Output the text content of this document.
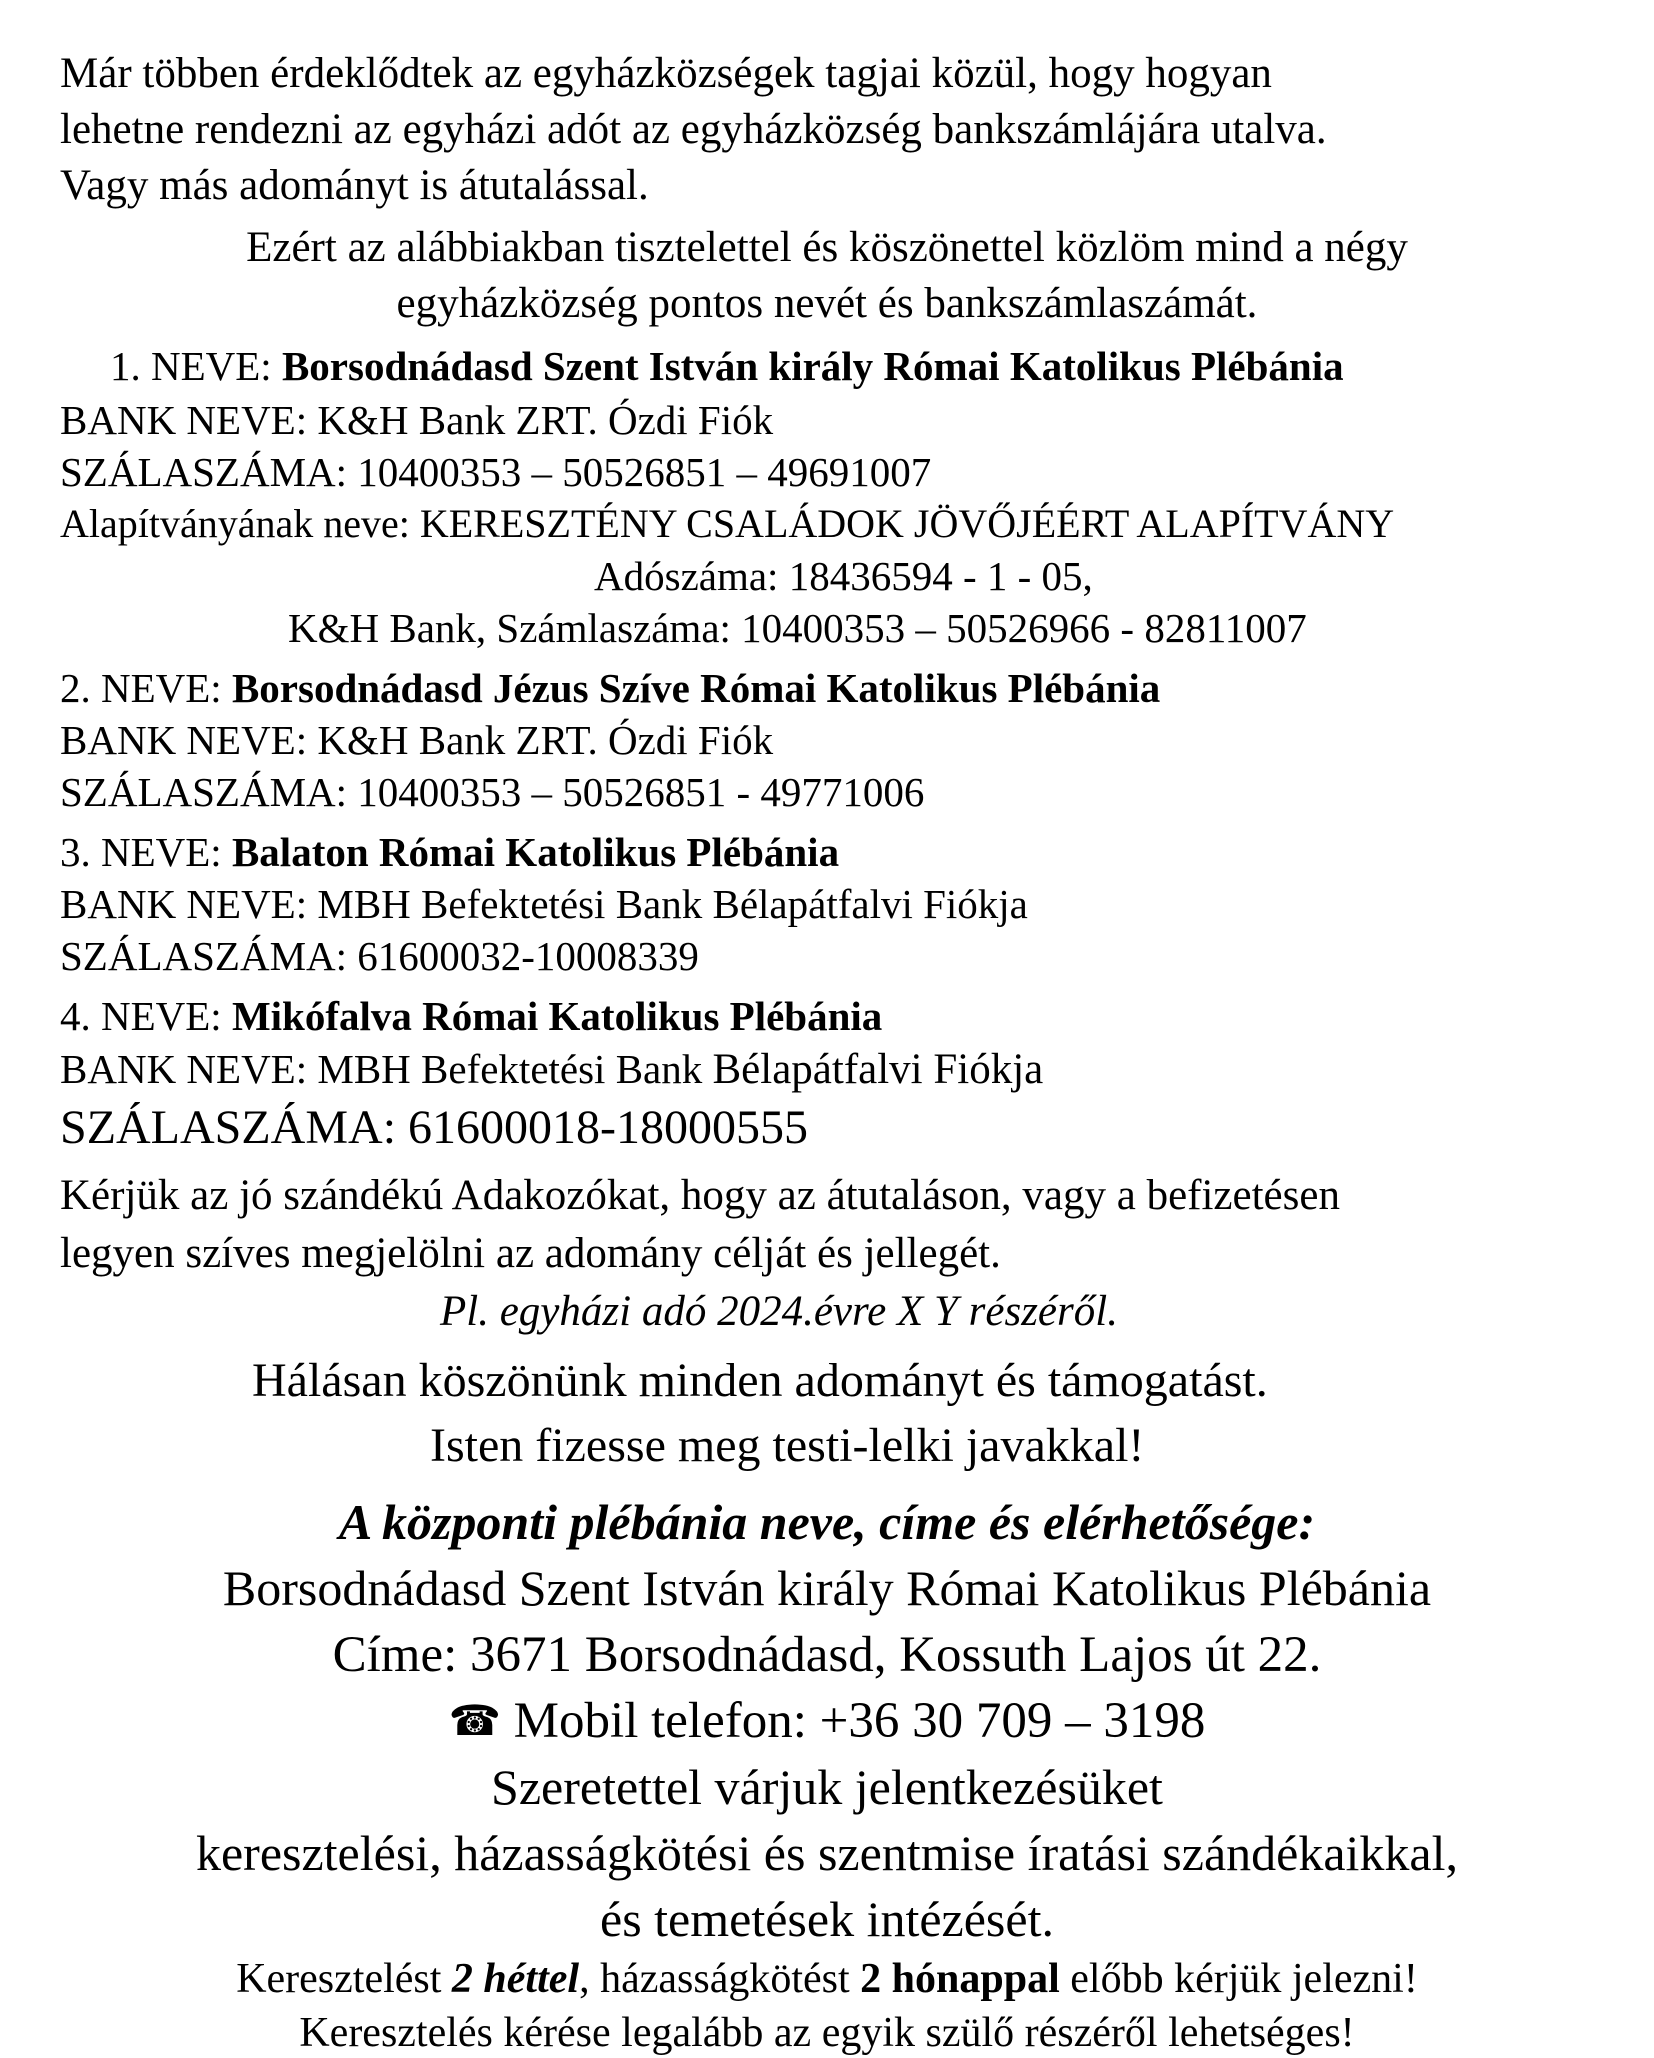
Már többen érdeklődtek az egyházközségek tagjai közül, hogy hogyan
lehetne rendezni az egyházi adót az egyházközség bankszámlájára utalva.
Vagy más adományt is átutalással.
Ezért az alábbiakban tisztelettel és köszönettel közlöm mind a négy
egyházközség pontos nevét és bankszámlaszámát.
1. NEVE: Borsodnádasd Szent István király Római Katolikus Plébánia
BANK NEVE: K&H Bank ZRT. Ózdi Fiók
SZÁLASZÁMA: 10400353 – 50526851 – 49691007
Alapítványának neve: KERESZTÉNY CSALÁDOK JÖVŐJÉÉRT ALAPÍTVÁNY
Adószáma: 18436594 - 1 - 05,
K&H Bank, Számlaszáma: 10400353 – 50526966 - 82811007
2. NEVE: Borsodnádasd Jézus Szíve Római Katolikus Plébánia
BANK NEVE: K&H Bank ZRT. Ózdi Fiók
SZÁLASZÁMA: 10400353 – 50526851 - 49771006
3. NEVE: Balaton Római Katolikus Plébánia
BANK NEVE: MBH Befektetési Bank Bélapátfalvi Fiókja
SZÁLASZÁMA: 61600032-10008339
4. NEVE: Mikófalva Római Katolikus Plébánia
BANK NEVE: MBH Befektetési Bank Bélapátfalvi Fiókja
SZÁLASZÁMA: 61600018-18000555
Kérjük az jó szándékú Adakozókat, hogy az átutaláson, vagy a befizetésen
legyen szíves megjelölni az adomány célját és jellegét.
Pl. egyházi adó 2024.évre X Y részéről.
Hálásan köszönünk minden adományt és támogatást.
Isten fizesse meg testi-lelki javakkal!
A központi plébánia neve, címe és elérhetősége:
Borsodnádasd Szent István király Római Katolikus Plébánia
Címe: 3671 Borsodnádasd, Kossuth Lajos út 22.
☎ Mobil telefon: +36 30 709 – 3198
Szeretettel várjuk jelentkezésüket
keresztelési, házasságkötési és szentmise íratási szándékaikkal,
és temetések intézését.
Keresztelést 2 héttel, házasságkötést 2 hónappal előbb kérjük jelezni!
Keresztelés kérése legalább az egyik szülő részéről lehetséges!
